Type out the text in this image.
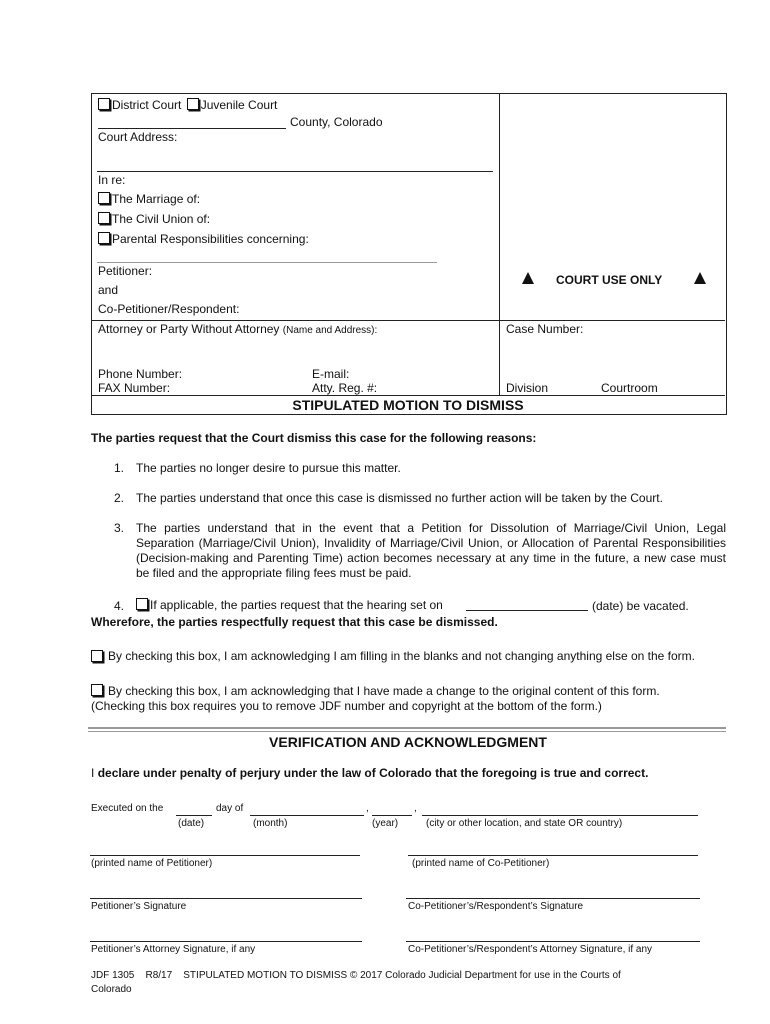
District Court Juvenile Court
County, Colorado
Court Address:
In re:
The Marriage of:
The Civil Union of:
Parental Responsibilities concerning:
Petitioner:
and
Co-Petitioner/Respondent:
Attorney or Party Without Attorney (Name and Address):
Phone Number:
FAX Number:
E-mail:
Atty. Reg. #:
COURT USE ONLY
Case Number:
Division	Courtroom
STIPULATED MOTION TO DISMISS
The parties request that the Court dismiss this case for the following reasons:
1. The parties no longer desire to pursue this matter.
2. The parties understand that once this case is dismissed no further action will be taken by the Court.
3. The parties understand that in the event that a Petition for Dissolution of Marriage/Civil Union, Legal Separation (Marriage/Civil Union), Invalidity of Marriage/Civil Union, or Allocation of Parental Responsibilities (Decision-making and Parenting Time) action becomes necessary at any time in the future, a new case must be filed and the appropriate filing fees must be paid.
4.	If applicable, the parties request that the hearing set on	(date) be vacated.
Wherefore, the parties respectfully request that this case be dismissed.
By checking this box, I am acknowledging I am filling in the blanks and not changing anything else on the form.
By checking this box, I am acknowledging that I have made a change to the original content of this form.
(Checking this box requires you to remove JDF number and copyright at the bottom of the form.)
VERIFICATION AND ACKNOWLEDGMENT
I declare under penalty of perjury under the law of Colorado that the foregoing is true and correct.
Executed on the	day of	,	,
(date)	(month)	(year)	(city or other location, and state OR country)
(printed name of Petitioner)	(printed name of Co-Petitioner)
Petitioner’s Signature	Co-Petitioner’s/Respondent’s Signature
Petitioner’s Attorney Signature, if any	Co-Petitioner’s/Respondent’s Attorney Signature, if any
JDF 1305    R8/17    STIPULATED MOTION TO DISMISS © 2017 Colorado Judicial Department for use in the Courts of
Colorado
